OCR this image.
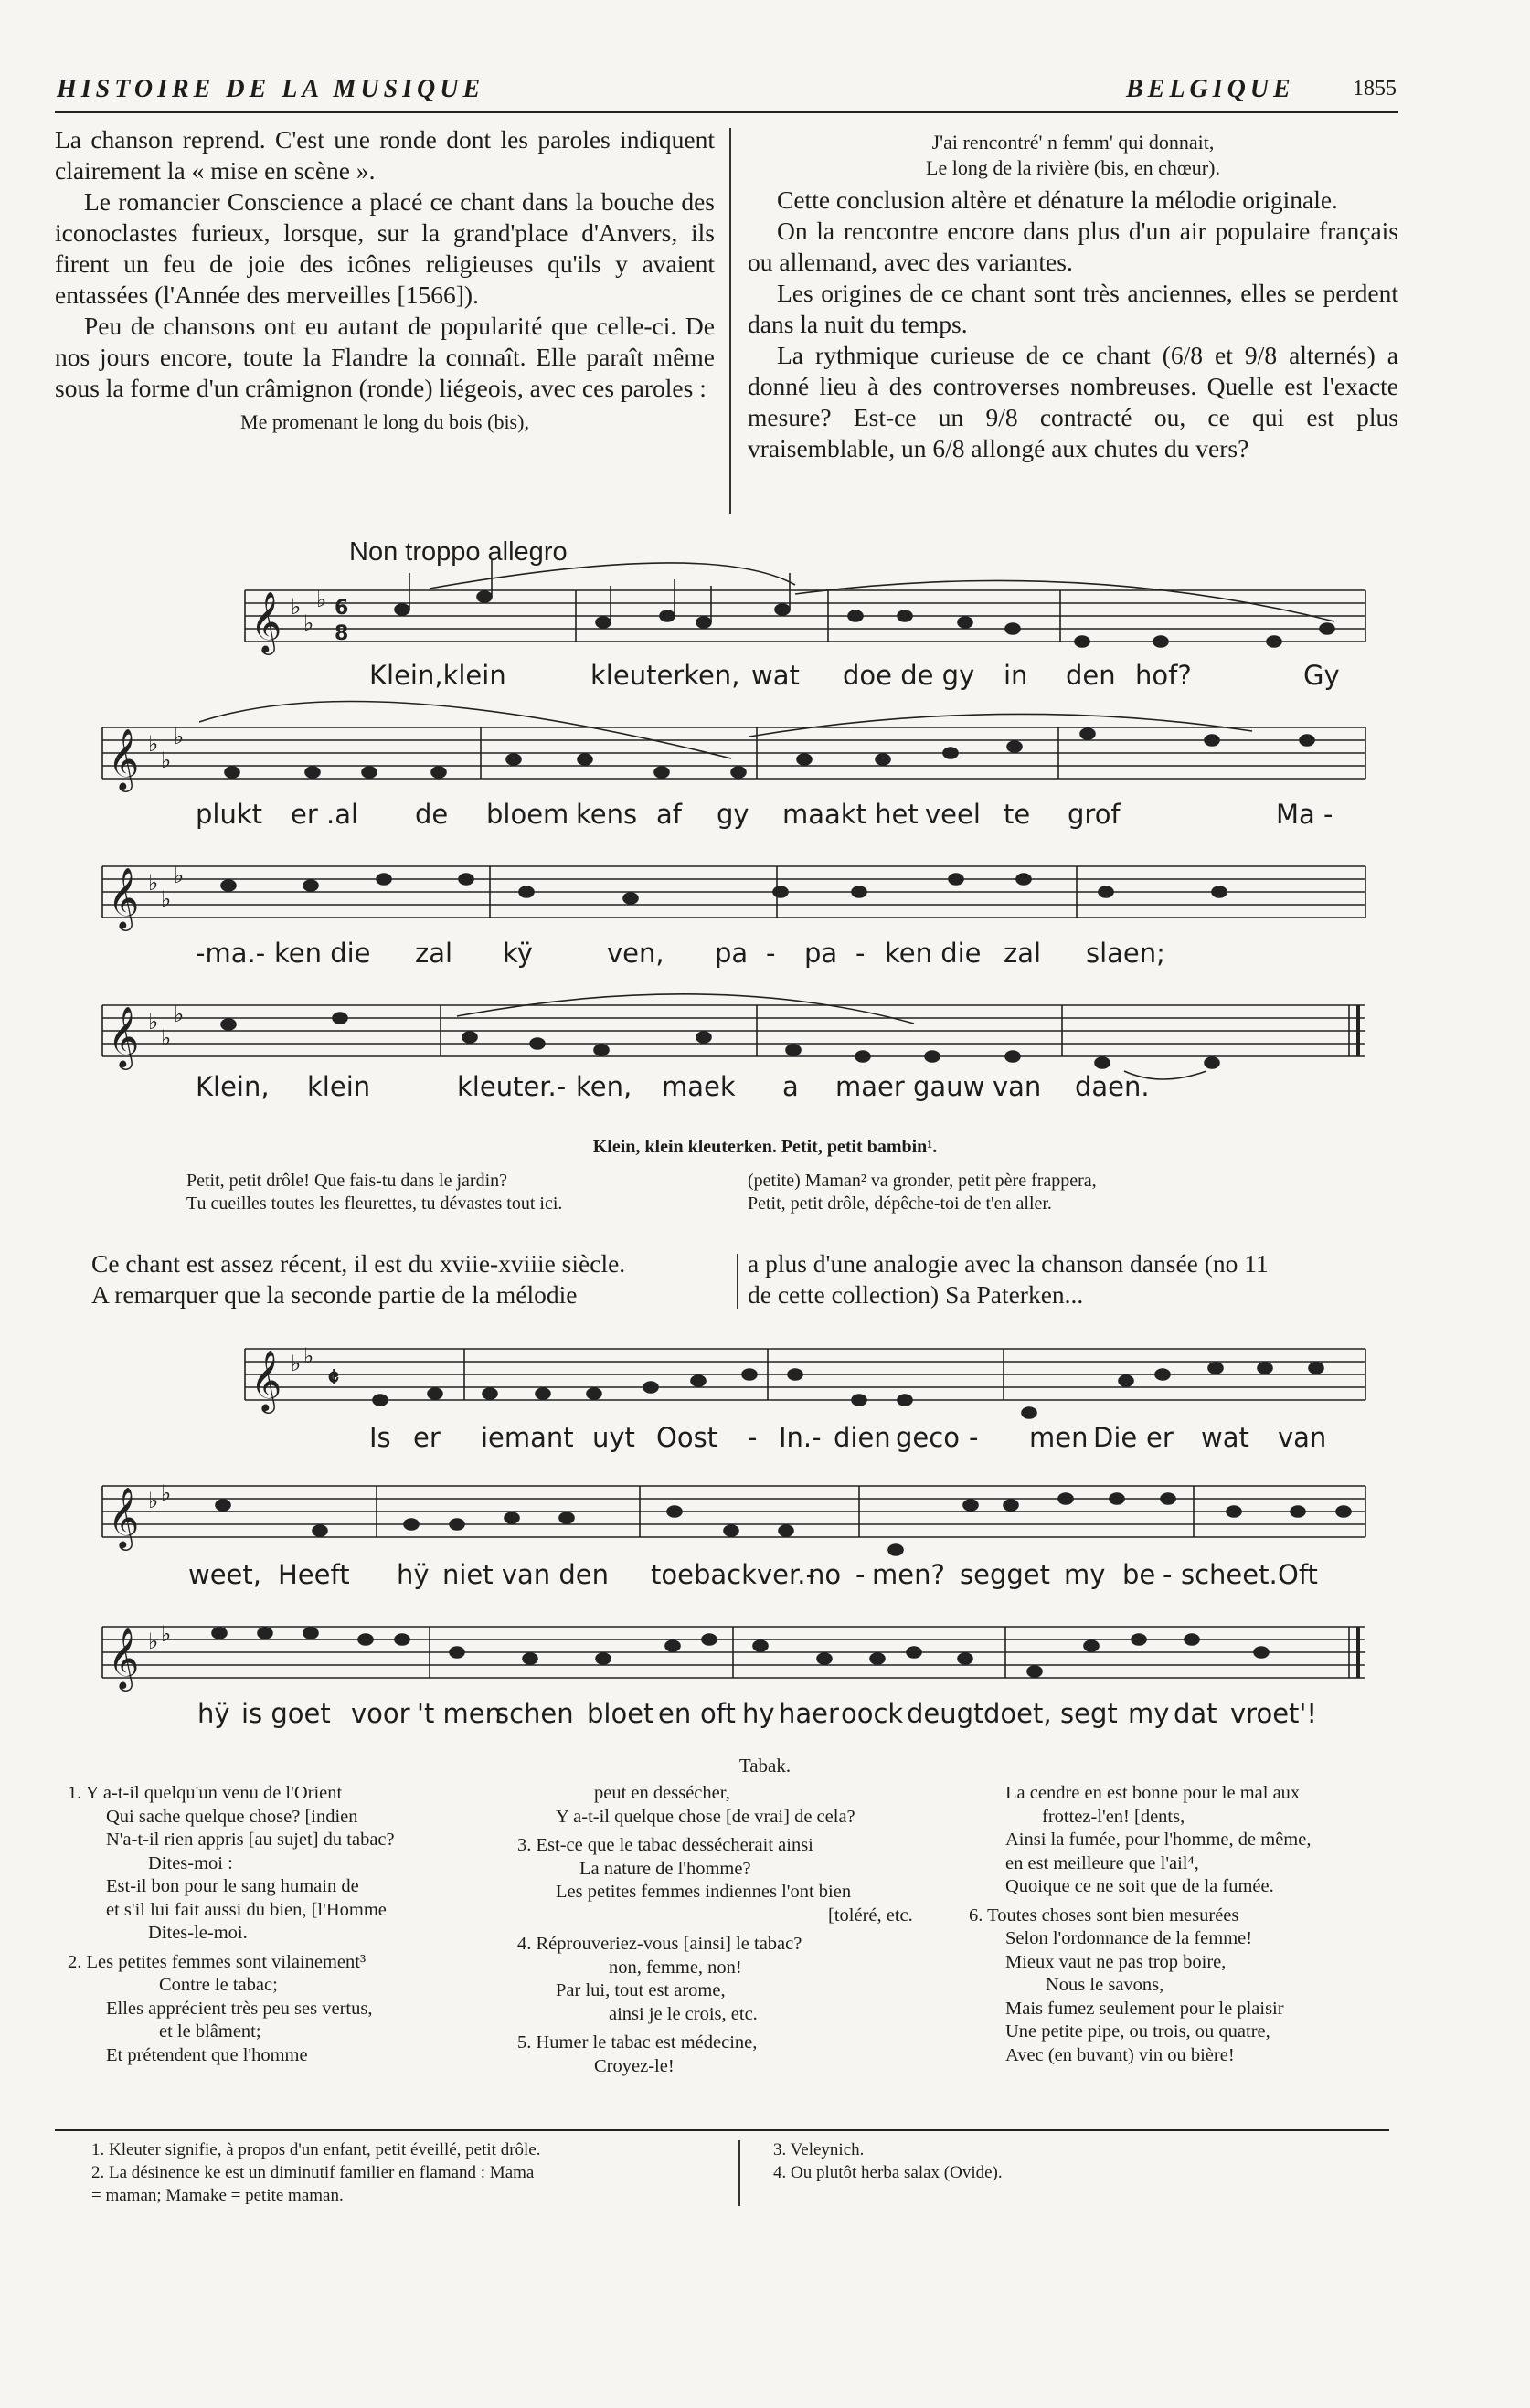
HISTOIRE DE LA MUSIQUE	BELGIQUE	1855

La chanson reprend. C'est une ronde dont les paroles indiquent clairement la « mise en scène ».

Le romancier Conscience a placé ce chant dans la bouche des iconoclastes furieux, lorsque, sur la grand'place d'Anvers, ils firent un feu de joie des icônes religieuses qu'ils y avaient entassées (l'Année des merveilles [1566]).

Peu de chansons ont eu autant de popularité que celle-ci. De nos jours encore, toute la Flandre la connaît. Elle paraît même sous la forme d'un crâmignon (ronde) liégeois, avec ces paroles :

Me promenant le long du bois (bis),
J'ai rencontré' n femm' qui donnait,
Le long de la rivière (bis, en chœur).

Cette conclusion altère et dénature la mélodie originale.

On la rencontre encore dans plus d'un air populaire français ou allemand, avec des variantes.

Les origines de ce chant sont très anciennes, elles se perdent dans la nuit du temps.

La rythmique curieuse de ce chant (6/8 et 9/8 alternés) a donné lieu à des controverses nombreuses. Quelle est l'exacte mesure? Est-ce un 9/8 contracté ou, ce qui est plus vraisemblable, un 6/8 allongé aux chutes du vers?

Non troppo allegro
𝄞 ♭
♭
♭ 6
8
𝄞 ♭
♭
♭
𝄞 ♭
♭
♭
𝄞 ♭
♭
♭
Klein,klein	kleuterken, wat doe de gy in den hof?	Gy
plukt er .al de bloem kens af gy maakt het veel te grof	Ma -
-ma.- ken die zal kÿ	ven, pa - pa - ken die zal slaen;
Klein, klein	kleuter.- ken, maek a maer gauw van daen.
Klein, klein kleuterken. Petit, petit bambin¹.
Petit, petit drôle! Que fais-tu dans le jardin?
Tu cueilles toutes les fleurettes, tu dévastes tout ici.
(petite) Maman² va gronder, petit père frappera,
Petit, petit drôle, dépêche-toi de t'en aller.
Ce chant est assez récent, il est du xviie-xviiie siècle.
A remarquer que la seconde partie de la mélodie
a plus d'une analogie avec la chanson dansée (no 11
de cette collection) Sa Paterken...
𝄞 ♭ ♭
𝄵
𝄞 ♭ ♭
𝄞 ♭ ♭
Is er iemant uyt Oost - In.- dien geco - men Die er wat van
weet, Heeft hÿ niet van den toeback ver.-
no - men? segget my be - scheet. Oft
hÿ is goet voor 't men
schen bloet en oft hy haer oock deugt doet, segt my dat vroet'!
Tabak.
1. Y a-t-il quelqu'un venu de l'Orient
Qui sache quelque chose? [indien
N'a-t-il rien appris [au sujet] du tabac?
Dites-moi :
Est-il bon pour le sang humain de
et s'il lui fait aussi du bien, [l'Homme
Dites-le-moi.
2. Les petites femmes sont vilainement³
Contre le tabac;
Elles apprécient très peu ses vertus,
et le blâment;
Et prétendent que l'homme
peut en dessécher,
Y a-t-il quelque chose [de vrai] de cela?
3. Est-ce que le tabac dessécherait ainsi
La nature de l'homme?
Les petites femmes indiennes l'ont bien
[toléré, etc.
4. Réprouveriez-vous [ainsi] le tabac?
non, femme, non!
Par lui, tout est arome,
ainsi je le crois, etc.
5. Humer le tabac est médecine,
Croyez-le!
La cendre en est bonne pour le mal aux
frottez-l'en! [dents,
Ainsi la fumée, pour l'homme, de même,
en est meilleure que l'ail⁴,
Quoique ce ne soit que de la fumée.
6. Toutes choses sont bien mesurées
Selon l'ordonnance de la femme!
Mieux vaut ne pas trop boire,
Nous le savons,
Mais fumez seulement pour le plaisir
Une petite pipe, ou trois, ou quatre,
Avec (en buvant) vin ou bière!
1. Kleuter signifie, à propos d'un enfant, petit éveillé, petit drôle.
2. La désinence ke est un diminutif familier en flamand : Mama
= maman; Mamake = petite maman.
3. Veleynich.
4. Ou plutôt herba salax (Ovide).
